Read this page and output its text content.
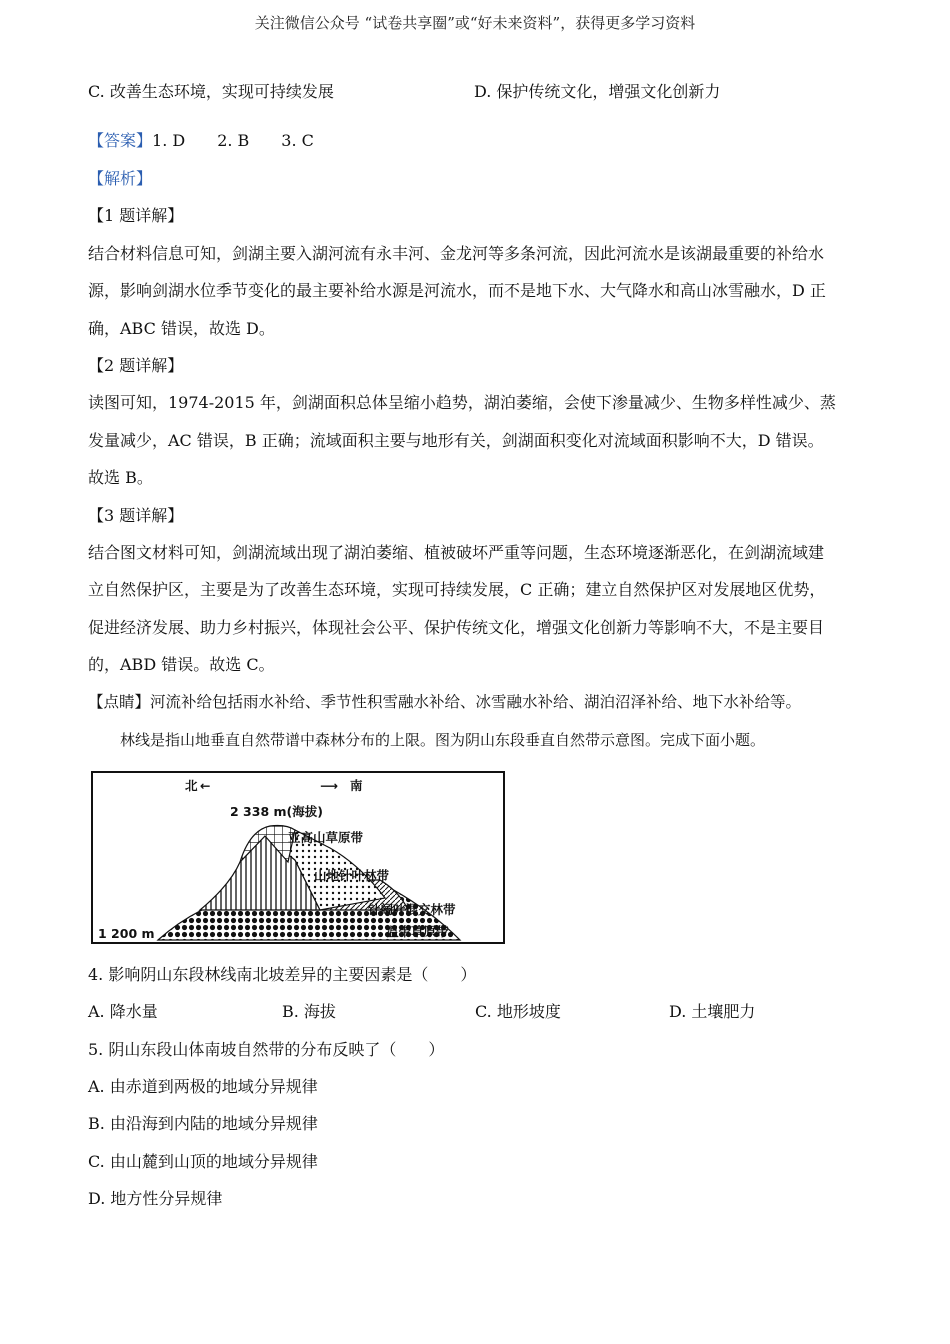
关注微信公众号 “试卷共享圈”或“好未来资料”，获得更多学习资料
C. 改善生态环境，实现可持续发展	D. 保护传统文化，增强文化创新力
【答案】1. D　　2. B　　3. C
【解析】
【1 题详解】
结合材料信息可知，剑湖主要入湖河流有永丰河、金龙河等多条河流，因此河流水是该湖最重要的补给水
源，影响剑湖水位季节变化的最主要补给水源是河流水，而不是地下水、大气降水和高山冰雪融水，D 正
确，ABC 错误，故选 D。
【2 题详解】
读图可知，1974-2015 年，剑湖面积总体呈缩小趋势，湖泊萎缩，会使下渗量减少、生物多样性减少、蒸
发量减少，AC 错误，B 正确；流域面积主要与地形有关，剑湖面积变化对流域面积影响不大，D 错误。
故选 B。
【3 题详解】
结合图文材料可知，剑湖流域出现了湖泊萎缩、植被破坏严重等问题，生态环境逐渐恶化，在剑湖流域建
立自然保护区，主要是为了改善生态环境，实现可持续发展，C 正确；建立自然保护区对发展地区优势，
促进经济发展、助力乡村振兴，体现社会公平、保护传统文化，增强文化创新力等影响不大，不是主要目
的，ABD 错误。故选 C。
【点睛】河流补给包括雨水补给、季节性积雪融水补给、冰雪融水补给、湖泊沼泽补给、地下水补给等。
林线是指山地垂直自然带谱中森林分布的上限。图为阴山东段垂直自然带示意图。完成下面小题。
北 ←	⟶ 南
2 338 m(海拔)
亚高山草原带
山地针叶林带
针阔叶混交林带
温带草原带
1 200 m
4. 影响阴山东段林线南北坡差异的主要因素是（　　）
A. 降水量	B. 海拔	C. 地形坡度	D. 土壤肥力
5. 阴山东段山体南坡自然带的分布反映了（　　）
A. 由赤道到两极的地域分异规律
B. 由沿海到内陆的地域分异规律
C. 由山麓到山顶的地域分异规律
D. 地方性分异规律
